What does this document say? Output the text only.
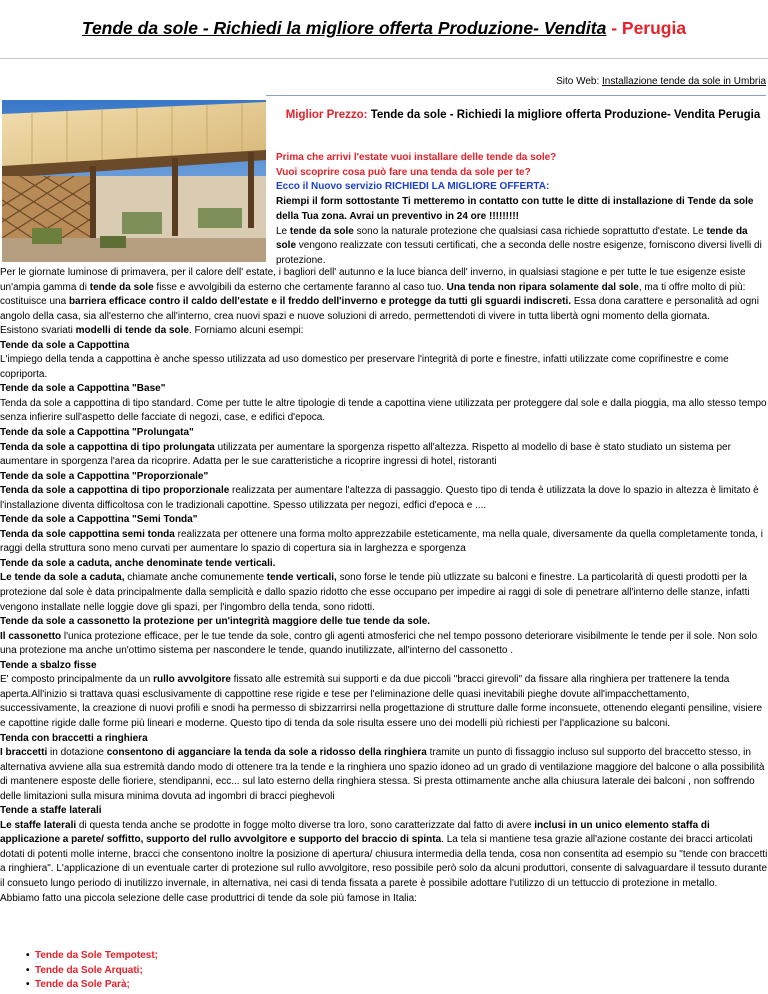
Tende da sole - Richiedi la migliore offerta Produzione- Vendita - Perugia
Sito Web: Installazione tende da sole in Umbria
Miglior Prezzo: Tende da sole - Richiedi la migliore offerta Produzione- Vendita Perugia
Prima che arrivi l'estate vuoi installare delle tende da sole?
Vuoi scoprire cosa può fare una tenda da sole per te?
Ecco il Nuovo servizio RICHIEDI LA MIGLIORE OFFERTA:
Riempi il form sottostante Ti metteremo in contatto con tutte le ditte di installazione di Tende da sole della Tua zona. Avrai un preventivo in 24 ore !!!!!!!!!
Le tende da sole sono la naturale protezione che qualsiasi casa richiede soprattutto d'estate. Le tende da sole vengono realizzate con tessuti certificati, che a seconda delle nostre esigenze, forniscono diversi livelli di protezione.

Per le giornate luminose di primavera, per il calore dell' estate, i bagliori dell' autunno e la luce bianca dell' inverno, in qualsiasi stagione e per tutte le tue esigenze esiste un'ampia gamma di tende da sole fisse e avvolgibili da esterno che certamente faranno al caso tuo. Una tenda non ripara solamente dal sole, ma ti offre molto di più: costituisce una barriera efficace contro il caldo dell'estate e il freddo dell'inverno e protegge da tutti gli sguardi indiscreti. Essa dona carattere e personalità ad ogni angolo della casa, sia all'esterno che all'interno, crea nuovi spazi e nuove soluzioni di arredo, permettendoti di vivere in tutta libertà ogni momento della giornata.

Esistono svariati modelli di tende da sole. Forniamo alcuni esempi:

Tende da sole a Cappottina

L'impiego della tenda a cappottina è anche spesso utilizzata ad uso domestico per preservare l'integrità di porte e finestre, infatti utilizzate come coprifinestre e come copriporta.

Tende da sole a Cappottina "Base"

Tenda da sole a cappottina di tipo standard. Come per tutte le altre tipologie di tende a capottina viene utilizzata per proteggere dal sole e dalla pioggia, ma allo stesso tempo senza infierire sull'aspetto delle facciate di negozi, case, e edifici d'epoca.

Tende da sole a Cappottina "Prolungata"

Tenda da sole a cappottina di tipo prolungata utilizzata per aumentare la sporgenza rispetto all'altezza. Rispetto al modello di base è stato studiato un sistema per aumentare in sporgenza l'area da ricoprire. Adatta per le sue caratteristiche a ricoprire ingressi di hotel, ristoranti

Tende da sole a Cappottina "Proporzionale"

Tenda da sole a cappottina di tipo proporzionale realizzata per aumentare l'altezza di passaggio. Questo tipo di tenda è utilizzata la dove lo spazio in altezza è limitato è l'installazione diventa difficoltosa con le tradizionali capottine. Spesso utilizzata per negozi, edfici d'epoca e ....

Tende da sole a Cappottina "Semi Tonda"

Tenda da sole cappottina semi tonda realizzata per ottenere una forma molto apprezzabile esteticamente, ma nella quale, diversamente da quella completamente tonda, i raggi della struttura sono meno curvati per aumentare lo spazio di copertura sia in larghezza e sporgenza

Tende da sole a caduta, anche denominate tende verticali.

Le tende da sole a caduta, chiamate anche comunemente tende verticali, sono forse le tende più utlizzate su balconi e finestre. La particolarità di questi prodotti per la protezione dal sole è data principalmente dalla semplicità e dallo spazio ridotto che esse occupano per impedire ai raggi di sole di penetrare all'interno delle stanze, infatti vengono installate nelle loggie dove gli spazi, per l'ingombro della tenda, sono ridotti.

Tende da sole a cassonetto la protezione per un'integrità maggiore delle tue tende da sole.

Il cassonetto l'unica protezione efficace, per le tue tende da sole, contro gli agenti atmosferici che nel tempo possono deteriorare visibilmente le tende per il sole. Non solo una protezione ma anche un'ottimo sistema per nascondere le tende, quando inutilizzate, all'interno del cassonetto .

Tende a sbalzo fisse

E' composto principalmente da un rullo avvolgitore fissato alle estremità sui supporti e da due piccoli "bracci girevoli" da fissare alla ringhiera per trattenere la tenda aperta.All'inizio si trattava quasi esclusivamente di cappottine rese rigide e tese per l'eliminazione delle quasi inevitabili pieghe dovute all'impacchettamento, successivamente, la creazione di nuovi profili e snodi ha permesso di sbizzarrirsi nella progettazione di strutture dalle forme inconsuete, ottenendo eleganti pensiline, visiere e capottine rigide dalle forme più lineari e moderne. Questo tipo di tenda da sole risulta essere uno dei modelli più richiesti per l'applicazione su balconi.

Tenda con braccetti a ringhiera

I braccetti in dotazione consentono di agganciare la tenda da sole a ridosso della ringhiera tramite un punto di fissaggio incluso sul supporto del braccetto stesso, in alternativa avviene alla sua estremità dando modo di ottenere tra la tende e la ringhiera uno spazio idoneo ad un grado di ventilazione maggiore del balcone o alla possibilità di mantenere esposte delle fioriere, stendipanni, ecc... sul lato esterno della ringhiera stessa. Si presta ottimamente anche alla chiusura laterale dei balconi , non soffrendo delle limitazioni sulla misura minima dovuta ad ingombri di bracci pieghevoli

Tende a staffe laterali

Le staffe laterali di questa tenda anche se prodotte in fogge molto diverse tra loro, sono caratterizzate dal fatto di avere inclusi in un unico elemento staffa di applicazione a parete/ soffitto, supporto del rullo avvolgitore e supporto del braccio di spinta. La tela si mantiene tesa grazie all'azione costante dei bracci articolati dotati di potenti molle interne, bracci che consentono inoltre la posizione di apertura/ chiusura intermedia della tenda, cosa non consentita ad esempio su "tende con braccetti a ringhiera". L'applicazione di un eventuale carter di protezione sul rullo avvolgitore, reso possibile però solo da alcuni produttori, consente di salvaguardare il tessuto durante il consueto lungo periodo di inutilizzo invernale, in alternativa, nei casi di tenda fissata a parete è possibile adottare l'utilizzo di un tettuccio di protezione in metallo.

Abbiamo fatto una piccola selezione delle case produttrici di tende da sole più famose in Italia:

• Tende da Sole Tempotest;
• Tende da Sole Arquati;
• Tende da Sole Parà;
